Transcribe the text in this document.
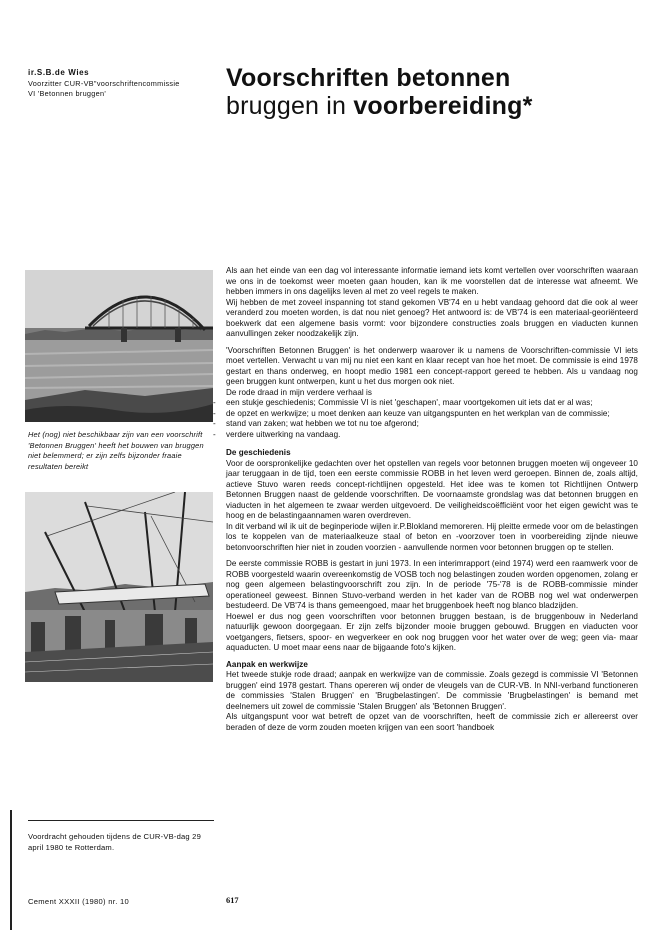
ir.S.B.de Wies
Voorzitter CUR-VB"voorschriftencommissie
VI 'Betonnen bruggen'
Voorschriften betonnen
bruggen in voorbereiding*
Het (nog) niet beschikbaar zijn van een voorschrift 'Betonnen Bruggen' heeft het bouwen van bruggen niet belemmerd; er zijn zelfs bijzonder fraaie resultaten bereikt
Voordracht gehouden tijdens de CUR-VB-dag 29 april 1980 te Rotterdam.

Als aan het einde van een dag vol interessante informatie iemand iets komt vertellen over voorschriften waaraan we ons in de toekomst weer moeten gaan houden, kan ik me voorstellen dat de interesse wat afneemt. We hebben immers in ons dagelijks leven al met zo veel regels te maken.
Wij hebben de met zoveel inspanning tot stand gekomen VB'74 en u hebt vandaag gehoord dat die ook al weer veranderd zou moeten worden, is dat nou niet genoeg? Het antwoord is: de VB'74 is een materiaal-georiënteerd boekwerk dat een algemene basis vormt: voor bijzondere constructies zoals bruggen en viaducten kunnen aanvullingen zeker noodzakelijk zijn.

'Voorschriften Betonnen Bruggen' is het onderwerp waarover ik u namens de Voorschriften-commissie VI iets moet vertellen. Verwacht u van mij nu niet een kant en klaar recept van hoe het moet. De commissie is eind 1978 gestart en thans onderweg, en hoopt medio 1981 een concept-rapport gereed te hebben. Als u vandaag nog geen bruggen kunt ontwerpen, kunt u het dus morgen ook niet.

De rode draad in mijn verdere verhaal is
- een stukje geschiedenis; Commissie VI is niet 'geschapen', maar voortgekomen uit iets dat er al was;
- de opzet en werkwijze; u moet denken aan keuze van uitgangspunten en het werkplan van de commissie;
- stand van zaken; wat hebben we tot nu toe afgerond;
- verdere uitwerking na vandaag.
De geschiedenis

Voor de oorspronkelijke gedachten over het opstellen van regels voor betonnen bruggen moeten wij ongeveer 10 jaar teruggaan in de tijd, toen een eerste commissie ROBB in het leven werd geroepen. Binnen de, zoals altijd, actieve Stuvo waren reeds concept-richtlijnen opgesteld. Het idee was te komen tot Richtlijnen Ontwerp Betonnen Bruggen naast de geldende voorschriften. De voornaamste grondslag was dat betonnen bruggen en viaducten in het algemeen te zwaar werden uitgevoerd. De veiligheidscoëfficiënt voor het eigen gewicht was te hoog en de belastingaannamen waren overdreven.

In dit verband wil ik uit de beginperiode wijlen ir.P.Blokland memoreren. Hij pleitte ermede voor om de belastingen los te koppelen van de materiaalkeuze staal of beton en -voorzover toen in voorbereiding zijnde nieuwe betonvoorschriften hier niet in zouden voorzien - aanvullende normen voor betonnen bruggen op te stellen.

De eerste commissie ROBB is gestart in juni 1973. In een interimrapport (eind 1974) werd een raamwerk voor de ROBB voorgesteld waarin overeenkomstig de VOSB toch nog belastingen zouden worden opgenomen, zolang er nog geen algemeen belastingvoorschrift zou zijn. In de periode '75-'78 is de ROBB-commissie minder operationeel geweest. Binnen Stuvo-verband werden in het kader van de ROBB nog wel wat onderwerpen bestudeerd. De VB'74 is thans gemeengoed, maar het bruggenboek heeft nog blanco bladzijden.

Hoewel er dus nog geen voorschriften voor betonnen bruggen bestaan, is de bruggenbouw in Nederland natuurlijk gewoon doorgegaan. Er zijn zelfs bijzonder mooie bruggen gebouwd. Bruggen en viaducten voor voetgangers, fietsers, spoor- en wegverkeer en ook nog bruggen voor het water over de weg; geen via- maar aquaducten. U moet maar eens naar de bijgaande foto's kijken.

Aanpak en werkwijze

Het tweede stukje rode draad; aanpak en werkwijze van de commissie. Zoals gezegd is commissie VI 'Betonnen bruggen' eind 1978 gestart. Thans opereren wij onder de vleugels van de CUR-VB. In NNI-verband functioneren de commissies 'Stalen Bruggen' en 'Brugbelastingen'. De commissie 'Brugbelastingen' is bemand met deelnemers uit zowel de commissie 'Stalen Bruggen' als 'Betonnen Bruggen'.

Als uitgangspunt voor wat betreft de opzet van de voorschriften, heeft de commissie zich er allereerst over beraden of deze de vorm zouden moeten krijgen van een soort 'handboek

Cement XXXII (1980) nr. 10	617
